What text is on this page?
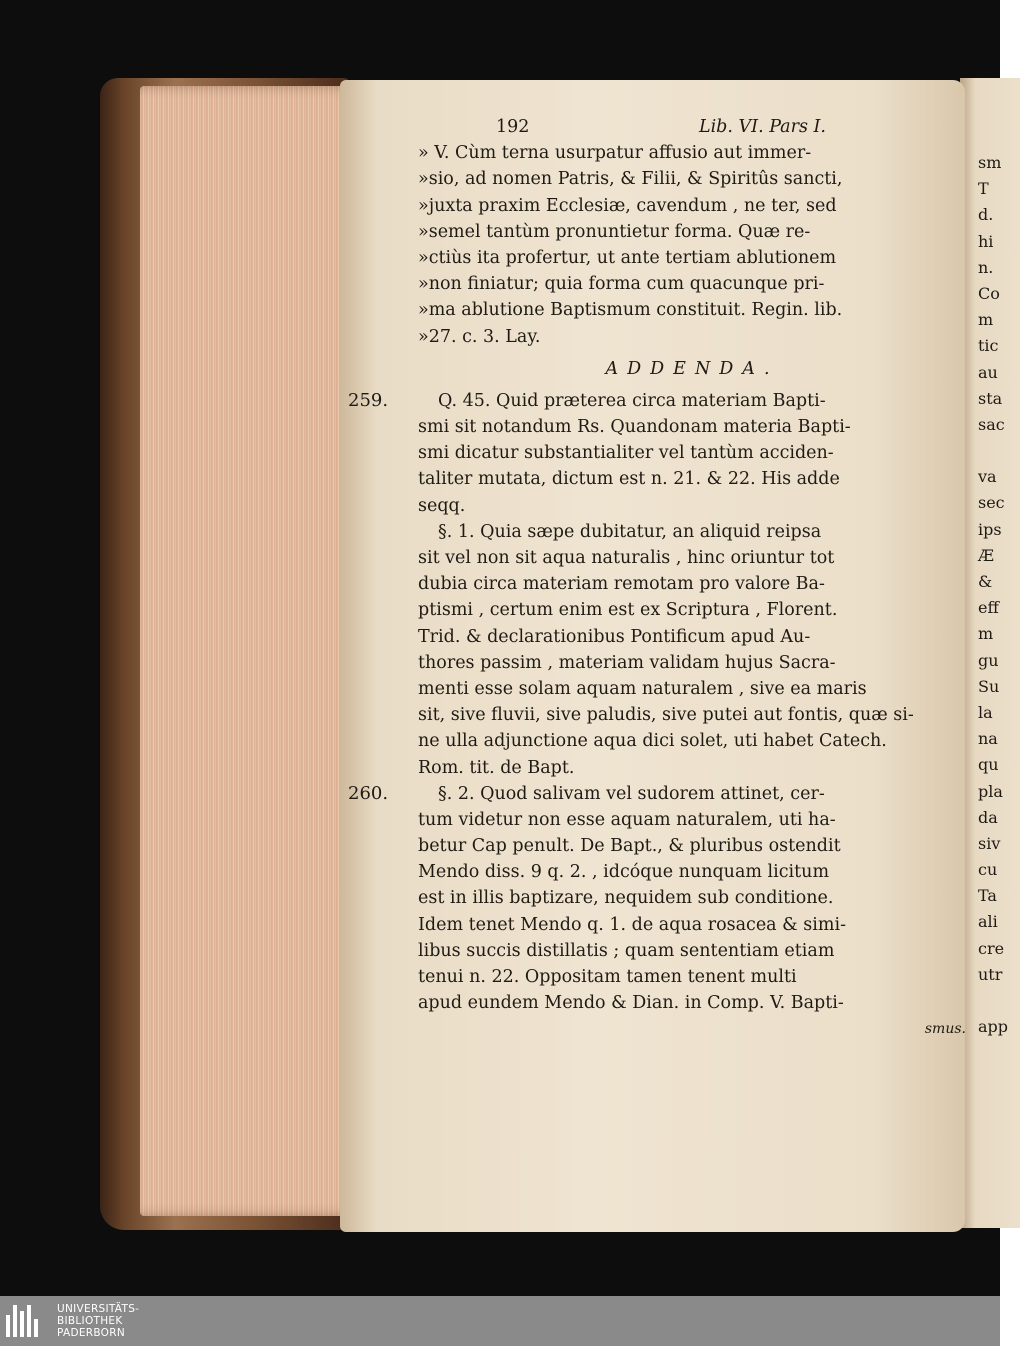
192	Lib. VI. Pars I.
» V. Cùm terna usurpatur affusio aut immer-
»sio, ad nomen Patris, & Filii, & Spiritûs sancti,
»juxta praxim Ecclesiæ, cavendum , ne ter, sed
»semel tantùm pronuntietur forma. Quæ re-
»ctiùs ita profertur, ut ante tertiam ablutionem
»non finiatur; quia forma cum quacunque pri-
»ma ablutione Baptismum constituit. Regin. lib.
»27. c. 3. Lay.
ADDENDA.
259.	Q. 45. Quid præterea circa materiam Bapti-
smi sit notandum Rs. Quandonam materia Bapti-
smi dicatur substantialiter vel tantùm acciden-
taliter mutata, dictum est n. 21. & 22. His adde
seqq.
§. 1. Quia sæpe dubitatur, an aliquid reipsa
sit vel non sit aqua naturalis , hinc oriuntur tot
dubia circa materiam remotam pro valore Ba-
ptismi , certum enim est ex Scriptura , Florent.
Trid. & declarationibus Pontificum apud Au-
thores passim , materiam validam hujus Sacra-
menti esse solam aquam naturalem , sive ea maris
sit, sive fluvii, sive paludis, sive putei aut fontis, quæ si-
ne ulla adjunctione aqua dici solet, uti habet Catech.
Rom. tit. de Bapt.
260.	§. 2. Quod salivam vel sudorem attinet, cer-
tum videtur non esse aquam naturalem, uti ha-
betur Cap penult. De Bapt., & pluribus ostendit
Mendo diss. 9 q. 2. , idcóque nunquam licitum
est in illis baptizare, nequidem sub conditione.
Idem tenet Mendo q. 1. de aqua rosacea & simi-
libus succis distillatis ; quam sententiam etiam
tenui n. 22. Oppositam tamen tenent multi
apud eundem Mendo & Dian. in Comp. V. Bapti-
smus.
sm
T
d.
hi
n.
Co
m
tic
au
sta
sac
va
sec
ips
Æ
&
eff
m
gu
Su
la
na
qu
pla
da
siv
cu
Ta
ali
cre
utr
app
UNIVERSITÄTS-
BIBLIOTHEK
PADERBORN
